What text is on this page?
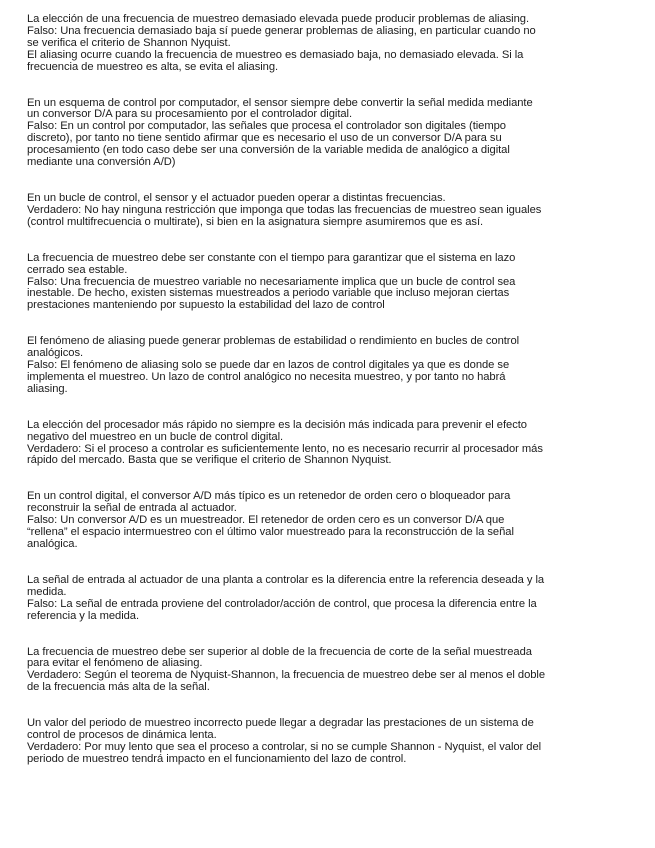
La elección de una frecuencia de muestreo demasiado elevada puede producir problemas de aliasing.
Falso: Una frecuencia demasiado baja sí puede generar problemas de aliasing, en particular cuando no
se verifica el criterio de Shannon Nyquist.
El aliasing ocurre cuando la frecuencia de muestreo es demasiado baja, no demasiado elevada. Si la
frecuencia de muestreo es alta, se evita el aliasing.
En un esquema de control por computador, el sensor siempre debe convertir la señal medida mediante
un conversor D/A para su procesamiento por el controlador digital.
Falso: En un control por computador, las señales que procesa el controlador son digitales (tiempo
discreto), por tanto no tiene sentido afirmar que es necesario el uso de un conversor D/A para su
procesamiento (en todo caso debe ser una conversión de la variable medida de analógico a digital
mediante una conversión A/D)
En un bucle de control, el sensor y el actuador pueden operar a distintas frecuencias.
Verdadero: No hay ninguna restricción que imponga que todas las frecuencias de muestreo sean iguales
(control multifrecuencia o multirate), si bien en la asignatura siempre asumiremos que es así.
La frecuencia de muestreo debe ser constante con el tiempo para garantizar que el sistema en lazo
cerrado sea estable.
Falso: Una frecuencia de muestreo variable no necesariamente implica que un bucle de control sea
inestable. De hecho, existen sistemas muestreados a periodo variable que incluso mejoran ciertas
prestaciones manteniendo por supuesto la estabilidad del lazo de control
El fenómeno de aliasing puede generar problemas de estabilidad o rendimiento en bucles de control
analógicos.
Falso: El fenómeno de aliasing solo se puede dar en lazos de control digitales ya que es donde se
implementa el muestreo. Un lazo de control analógico no necesita muestreo, y por tanto no habrá
aliasing.
La elección del procesador más rápido no siempre es la decisión más indicada para prevenir el efecto
negativo del muestreo en un bucle de control digital.
Verdadero: Si el proceso a controlar es suficientemente lento, no es necesario recurrir al procesador más
rápido del mercado. Basta que se verifique el criterio de Shannon Nyquist.
En un control digital, el conversor A/D más típico es un retenedor de orden cero o bloqueador para
reconstruir la señal de entrada al actuador.
Falso: Un conversor A/D es un muestreador. El retenedor de orden cero es un conversor D/A que
“rellena” el espacio intermuestreo con el último valor muestreado para la reconstrucción de la señal
analógica.
La señal de entrada al actuador de una planta a controlar es la diferencia entre la referencia deseada y la
medida.
Falso: La señal de entrada proviene del controlador/acción de control, que procesa la diferencia entre la
referencia y la medida.
La frecuencia de muestreo debe ser superior al doble de la frecuencia de corte de la señal muestreada
para evitar el fenómeno de aliasing.
Verdadero: Según el teorema de Nyquist-Shannon, la frecuencia de muestreo debe ser al menos el doble
de la frecuencia más alta de la señal.
Un valor del periodo de muestreo incorrecto puede llegar a degradar las prestaciones de un sistema de
control de procesos de dinámica lenta.
Verdadero: Por muy lento que sea el proceso a controlar, si no se cumple Shannon - Nyquist, el valor del
periodo de muestreo tendrá impacto en el funcionamiento del lazo de control.
